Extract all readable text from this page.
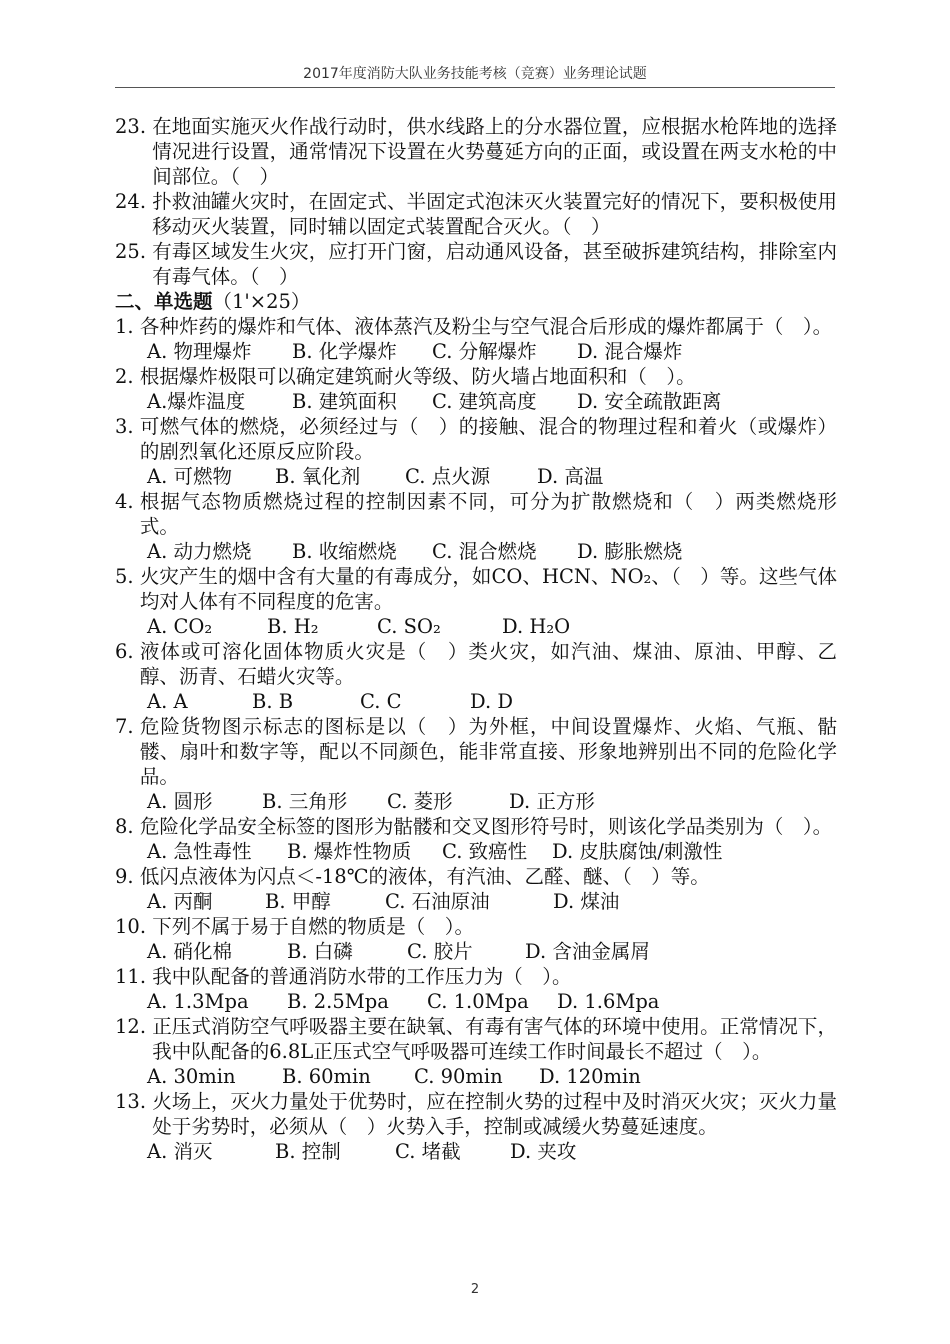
2017年度消防大队业务技能考核（竞赛）业务理论试题
23. 在地面实施灭火作战行动时，供水线路上的分水器位置，应根据水枪阵地的选择情况进行设置，通常情况下设置在火势蔓延方向的正面，或设置在两支水枪的中间部位。（　）
24. 扑救油罐火灾时，在固定式、半固定式泡沫灭火装置完好的情况下，要积极使用移动灭火装置，同时辅以固定式装置配合灭火。（　）
25. 有毒区域发生火灾，应打开门窗，启动通风设备，甚至破拆建筑结构，排除室内有毒气体。（　）
二、单选题（1'×25）
1. 各种炸药的爆炸和气体、液体蒸汽及粉尘与空气混合后形成的爆炸都属于（　）。
A. 物理爆炸	B. 化学爆炸	C. 分解爆炸	D. 混合爆炸
2. 根据爆炸极限可以确定建筑耐火等级、防火墙占地面积和（　）。
A.爆炸温度	B. 建筑面积	C. 建筑高度	D. 安全疏散距离
3. 可燃气体的燃烧，必须经过与（　）的接触、混合的物理过程和着火（或爆炸）的剧烈氧化还原反应阶段。
A. 可燃物	B. 氧化剂	C. 点火源	D. 高温
4. 根据气态物质燃烧过程的控制因素不同，可分为扩散燃烧和（　）两类燃烧形式。
A. 动力燃烧	B. 收缩燃烧	C. 混合燃烧	D. 膨胀燃烧
5. 火灾产生的烟中含有大量的有毒成分，如CO、HCN、NO₂、（　）等。这些气体均对人体有不同程度的危害。
A. CO₂	B. H₂	C. SO₂	D. H₂O
6. 液体或可溶化固体物质火灾是（　）类火灾，如汽油、煤油、原油、甲醇、乙醇、沥青、石蜡火灾等。
A. A	B. B	C. C	D. D
7. 危险货物图示标志的图标是以（　）为外框，中间设置爆炸、火焰、气瓶、骷髅、扇叶和数字等，配以不同颜色，能非常直接、形象地辨别出不同的危险化学品。
A. 圆形	B. 三角形	C. 菱形	D. 正方形
8. 危险化学品安全标签的图形为骷髅和交叉图形符号时，则该化学品类别为（　）。
A. 急性毒性	B. 爆炸性物质	C. 致癌性	D. 皮肤腐蚀/刺激性
9. 低闪点液体为闪点＜-18℃的液体，有汽油、乙醛、醚、（　）等。
A. 丙酮	B. 甲醇	C. 石油原油	D. 煤油
10. 下列不属于易于自燃的物质是（　）。
A. 硝化棉	B. 白磷	C. 胶片	D. 含油金属屑
11. 我中队配备的普通消防水带的工作压力为（　）。
A. 1.3Mpa	B. 2.5Mpa	C. 1.0Mpa	D. 1.6Mpa
12. 正压式消防空气呼吸器主要在缺氧、有毒有害气体的环境中使用。正常情况下，我中队配备的6.8L正压式空气呼吸器可连续工作时间最长不超过（　）。
A. 30min	B. 60min	C. 90min	D. 120min
13. 火场上，灭火力量处于优势时，应在控制火势的过程中及时消灭火灾；灭火力量处于劣势时，必须从（　）火势入手，控制或减缓火势蔓延速度。
A. 消灭	B. 控制	C. 堵截	D. 夹攻
2
